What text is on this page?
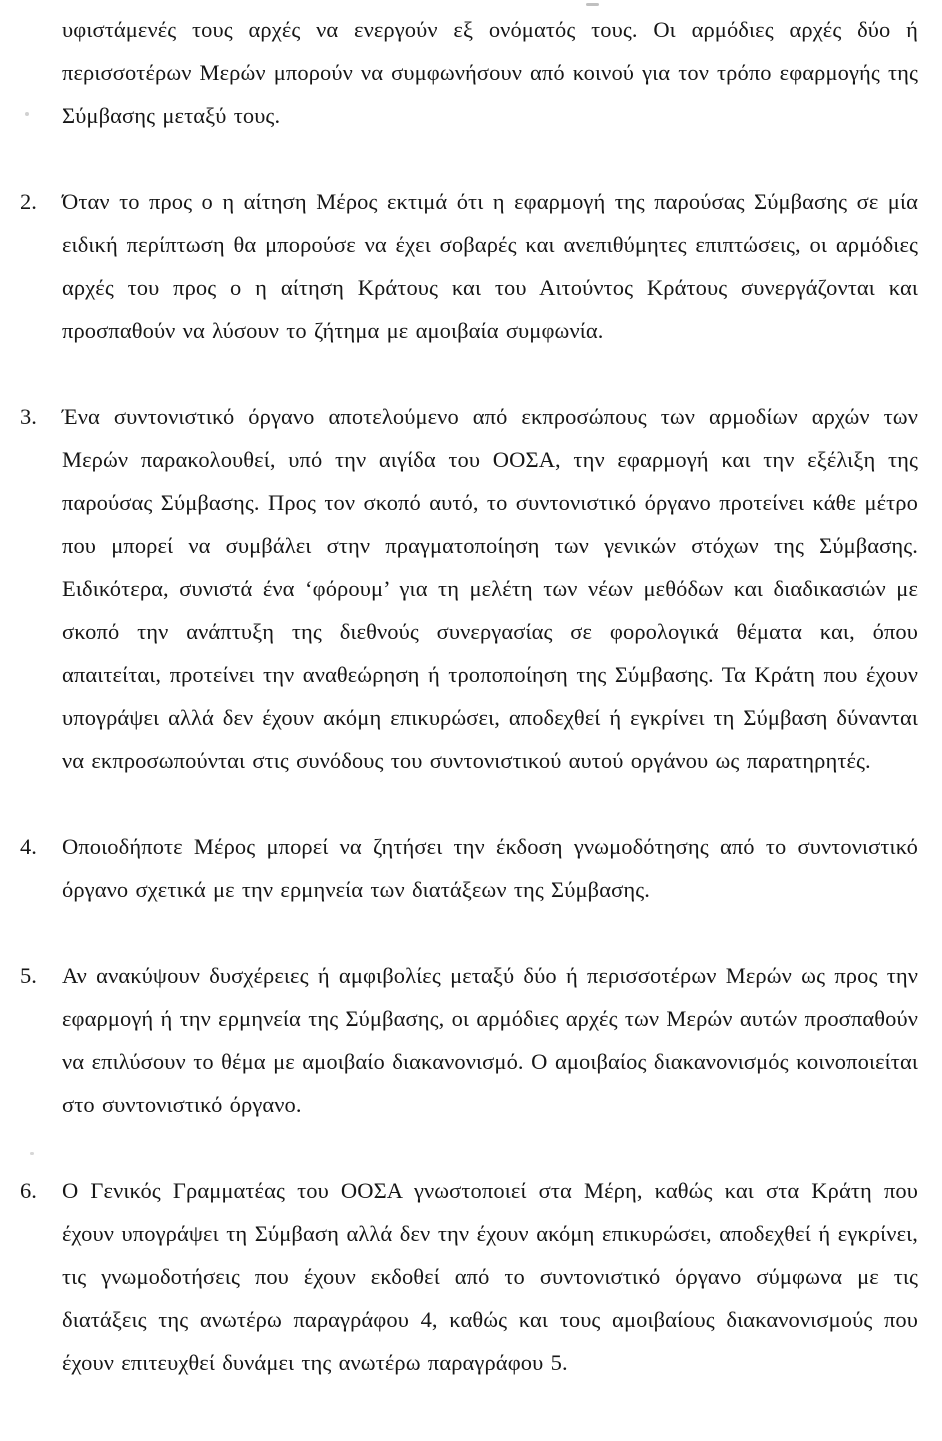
υφιστάμενές τους αρχές να ενεργούν εξ ονόματός τους. Οι αρμόδιες αρχές δύο ή περισσοτέρων Μερών μπορούν να συμφωνήσουν από κοινού για τον τρόπο εφαρμογής της Σύμβασης μεταξύ τους.

2.	Όταν το προς ο η αίτηση Μέρος εκτιμά ότι η εφαρμογή της παρούσας Σύμβασης σε μία ειδική περίπτωση θα μπορούσε να έχει σοβαρές και ανεπιθύμητες επιπτώσεις, οι αρμόδιες αρχές του προς ο η αίτηση Κράτους και του Αιτούντος Κράτους συνεργάζονται και προσπαθούν να λύσουν το ζήτημα με αμοιβαία συμφωνία.

3.	Ένα συντονιστικό όργανο αποτελούμενο από εκπροσώπους των αρμοδίων αρχών των Μερών παρακολουθεί, υπό την αιγίδα του ΟΟΣΑ, την εφαρμογή και την εξέλιξη της παρούσας Σύμβασης. Προς τον σκοπό αυτό, το συντονιστικό όργανο προτείνει κάθε μέτρο που μπορεί να συμβάλει στην πραγματοποίηση των γενικών στόχων της Σύμβασης. Ειδικότερα, συνιστά ένα ‘φόρουμ’ για τη μελέτη των νέων μεθόδων και διαδικασιών με σκοπό την ανάπτυξη της διεθνούς συνεργασίας σε φορολογικά θέματα και, όπου απαιτείται, προτείνει την αναθεώρηση ή τροποποίηση της Σύμβασης. Τα Κράτη που έχουν υπογράψει αλλά δεν έχουν ακόμη επικυρώσει, αποδεχθεί ή εγκρίνει τη Σύμβαση δύνανται να εκπροσωπούνται στις συνόδους του συντονιστικού αυτού οργάνου ως παρατηρητές.

4.	Οποιοδήποτε Μέρος μπορεί να ζητήσει την έκδοση γνωμοδότησης από το συντονιστικό όργανο σχετικά με την ερμηνεία των διατάξεων της Σύμβασης.

5.	Αν ανακύψουν δυσχέρειες ή αμφιβολίες μεταξύ δύο ή περισσοτέρων Μερών ως προς την εφαρμογή ή την ερμηνεία της Σύμβασης, οι αρμόδιες αρχές των Μερών αυτών προσπαθούν να επιλύσουν το θέμα με αμοιβαίο διακανονισμό. Ο αμοιβαίος διακανονισμός κοινοποιείται στο συντονιστικό όργανο.

6.	Ο Γενικός Γραμματέας του ΟΟΣΑ γνωστοποιεί στα Μέρη, καθώς και στα Κράτη που έχουν υπογράψει τη Σύμβαση αλλά δεν την έχουν ακόμη επικυρώσει, αποδεχθεί ή εγκρίνει, τις γνωμοδοτήσεις που έχουν εκδοθεί από το συντονιστικό όργανο σύμφωνα με τις διατάξεις της ανωτέρω παραγράφου 4, καθώς και τους αμοιβαίους διακανονισμούς που έχουν επιτευχθεί δυνάμει της ανωτέρω παραγράφου 5.
